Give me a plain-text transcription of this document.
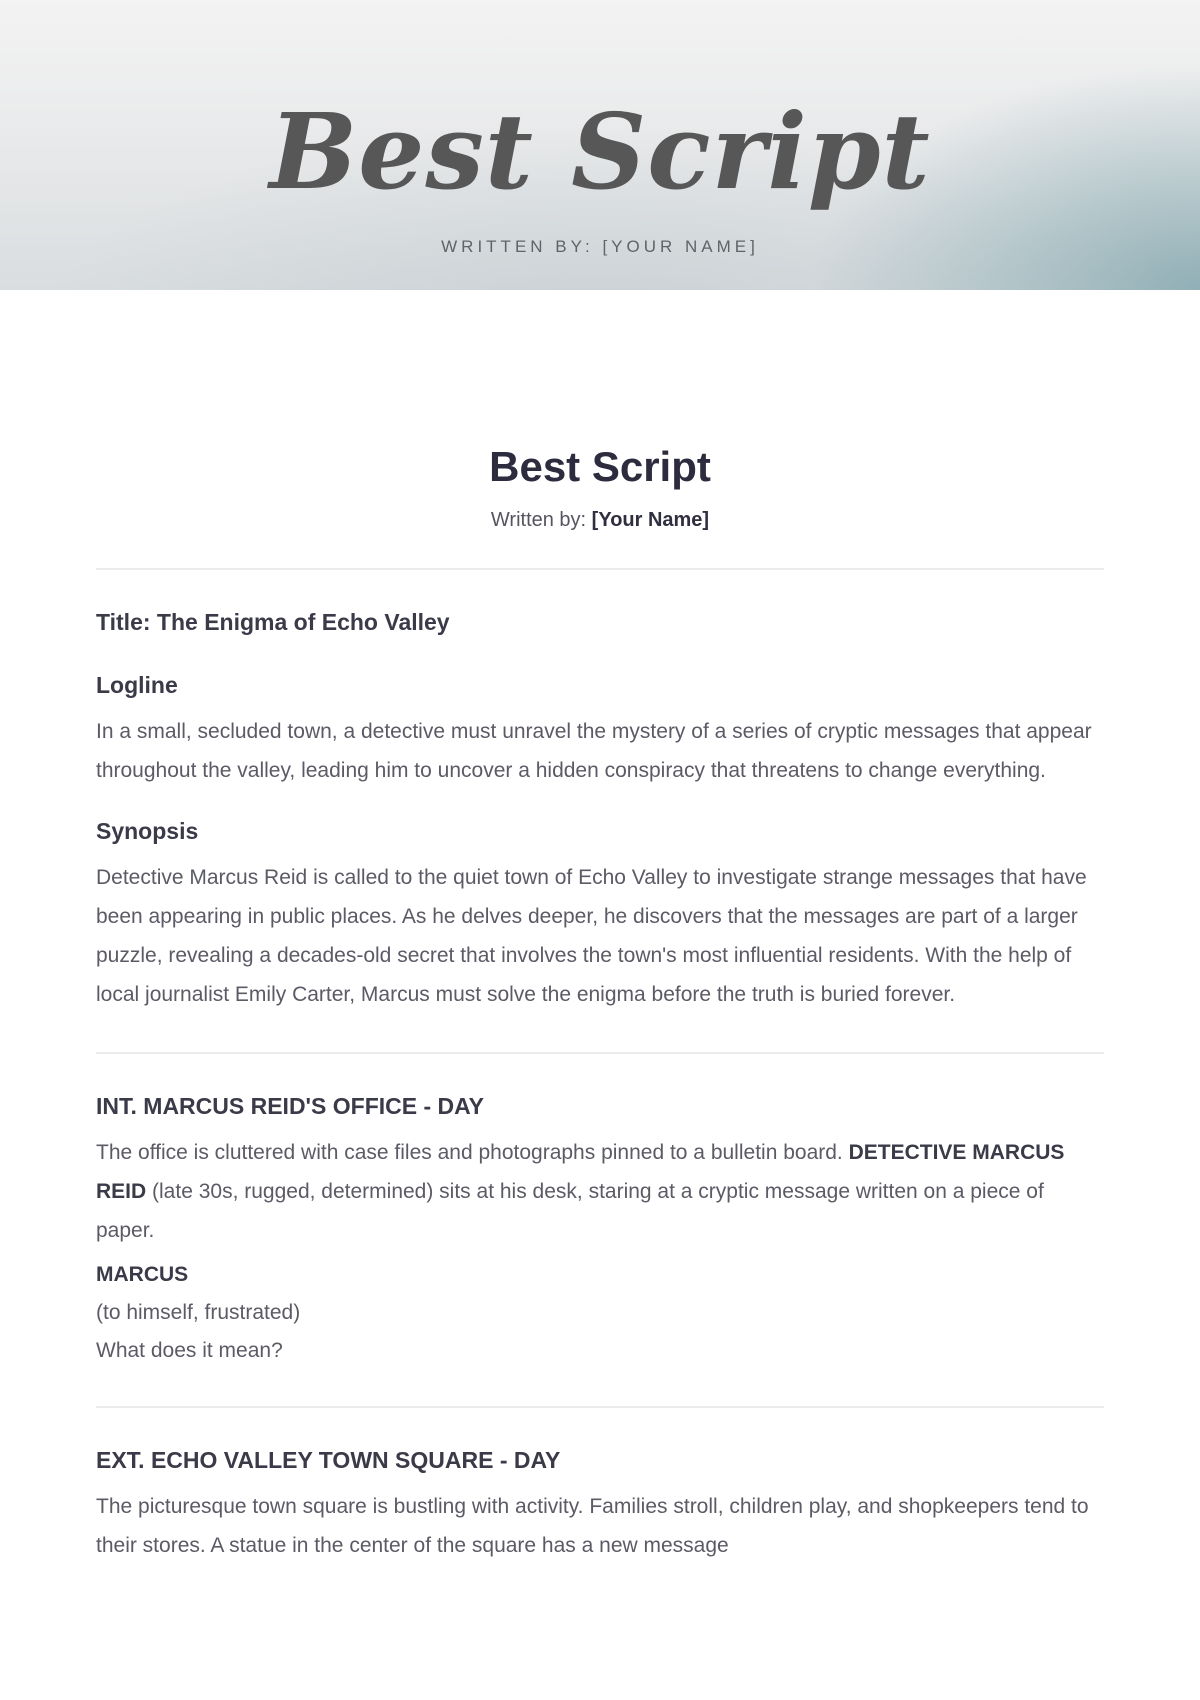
Best Script

WRITTEN BY: [YOUR NAME]

Best Script

Written by: [Your Name]

Title: The Enigma of Echo Valley

Logline

In a small, secluded town, a detective must unravel the mystery of a series of cryptic messages that appear throughout the valley, leading him to uncover a hidden conspiracy that threatens to change everything.

Synopsis

Detective Marcus Reid is called to the quiet town of Echo Valley to investigate strange messages that have been appearing in public places. As he delves deeper, he discovers that the messages are part of a larger puzzle, revealing a decades-old secret that involves the town's most influential residents. With the help of local journalist Emily Carter, Marcus must solve the enigma before the truth is buried forever.

INT. MARCUS REID'S OFFICE - DAY

The office is cluttered with case files and photographs pinned to a bulletin board. DETECTIVE MARCUS REID (late 30s, rugged, determined) sits at his desk, staring at a cryptic message written on a piece of paper.

MARCUS
(to himself, frustrated)
What does it mean?

EXT. ECHO VALLEY TOWN SQUARE - DAY

The picturesque town square is bustling with activity. Families stroll, children play, and shopkeepers tend to their stores. A statue in the center of the square has a new message
